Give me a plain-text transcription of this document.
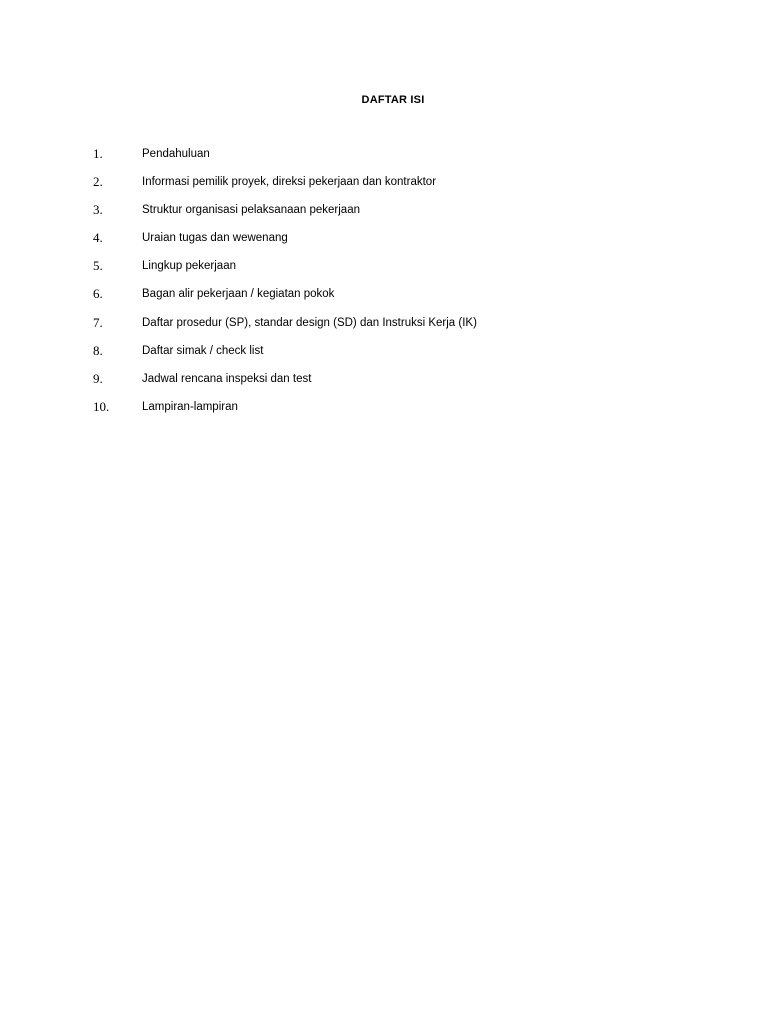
DAFTAR ISI
1.	Pendahuluan
2.	Informasi pemilik proyek, direksi pekerjaan dan kontraktor
3.	Struktur organisasi pelaksanaan pekerjaan
4.	Uraian tugas dan wewenang
5.	Lingkup pekerjaan
6.	Bagan alir pekerjaan / kegiatan pokok
7.	Daftar prosedur (SP), standar design (SD) dan Instruksi Kerja (IK)
8.	Daftar simak / check list
9.	Jadwal rencana inspeksi dan test
10.	Lampiran-lampiran
